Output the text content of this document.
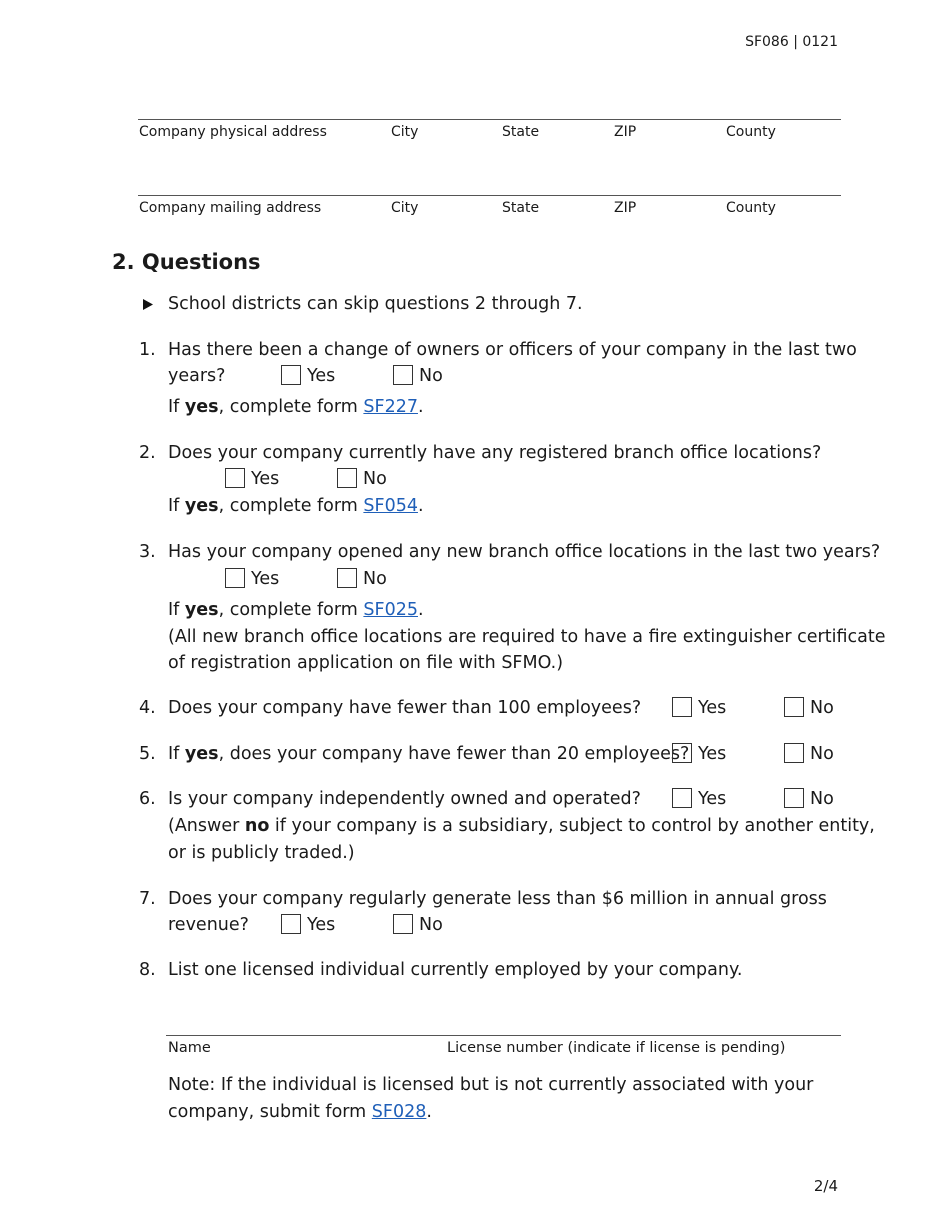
SF086 | 0121
Company physical address	City	State	ZIP	County
Company mailing address	City	State	ZIP	County
2. Questions
School districts can skip questions 2 through 7.
1. Has there been a change of owners or officers of your company in the last two
years?	Yes	No
If yes, complete form SF227.
2. Does your company currently have any registered branch office locations?
Yes	No
If yes, complete form SF054.
3. Has your company opened any new branch office locations in the last two years?
Yes	No
If yes, complete form SF025.
(All new branch office locations are required to have a fire extinguisher certificate
of registration application on file with SFMO.)
4. Does your company have fewer than 100 employees?	Yes	No
5. If yes, does your company have fewer than 20 employees? Yes	No
6. Is your company independently owned and operated?	Yes	No
(Answer no if your company is a subsidiary, subject to control by another entity,
or is publicly traded.)
7. Does your company regularly generate less than $6 million in annual gross
revenue?	Yes	No
8. List one licensed individual currently employed by your company.
Name	License number (indicate if license is pending)
Note: If the individual is licensed but is not currently associated with your
company, submit form SF028.
2/4
